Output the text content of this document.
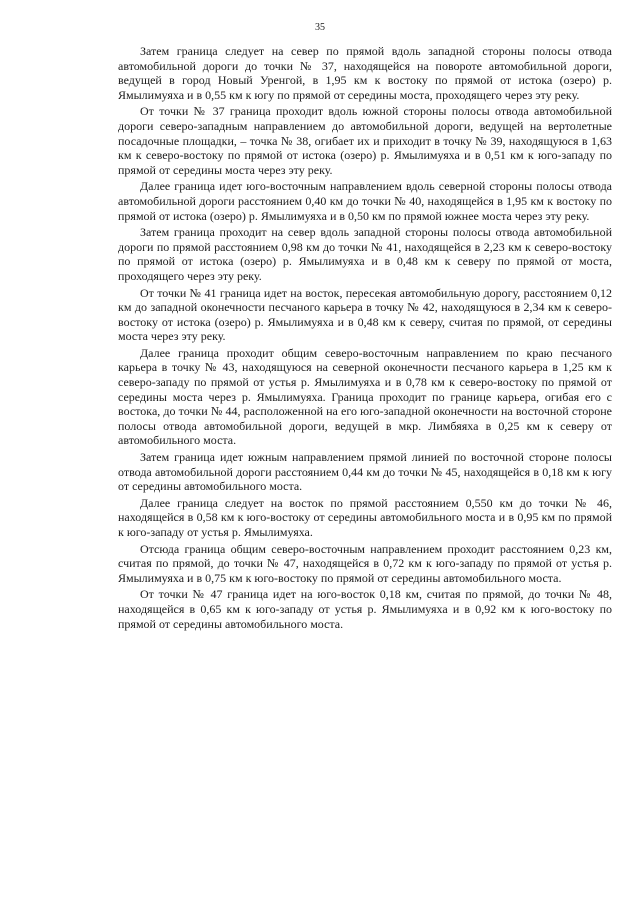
35

Затем граница следует на север по прямой вдоль западной стороны полосы отвода автомобильной дороги до точки № 37, находящейся на повороте автомобильной дороги, ведущей в город Новый Уренгой, в 1,95 км к востоку по прямой от истока (озеро) р. Ямылимуяха и в 0,55 км к югу по прямой от середины моста, проходящего через эту реку.

От точки № 37 граница проходит вдоль южной стороны полосы отвода автомобильной дороги северо-западным направлением до автомобильной дороги, ведущей на вертолетные посадочные площадки, – точка № 38, огибает их и приходит в точку № 39, находящуюся в 1,63 км к северо-востоку по прямой от истока (озеро) р. Ямылимуяха и в 0,51 км к юго-западу по прямой от середины моста через эту реку.

Далее граница идет юго-восточным направлением вдоль северной стороны полосы отвода автомобильной дороги расстоянием 0,40 км до точки № 40, находящейся в 1,95 км к востоку по прямой от истока (озеро) р. Ямылимуяха и в 0,50 км по прямой южнее моста через эту реку.

Затем граница проходит на север вдоль западной стороны полосы отвода автомобильной дороги по прямой расстоянием 0,98 км до точки № 41, находящейся в 2,23 км к северо-востоку по прямой от истока (озеро) р. Ямылимуяха и в 0,48 км к северу по прямой от моста, проходящего через эту реку.

От точки № 41 граница идет на восток, пересекая автомобильную дорогу, расстоянием 0,12 км до западной оконечности песчаного карьера в точку № 42, находящуюся в 2,34 км к северо-востоку от истока (озеро) р. Ямылимуяха и в 0,48 км к северу, считая по прямой, от середины моста через эту реку.

Далее граница проходит общим северо-восточным направлением по краю песчаного карьера в точку № 43, находящуюся на северной оконечности песчаного карьера в 1,25 км к северо-западу по прямой от устья р. Ямылимуяха и в 0,78 км к северо-востоку по прямой от середины моста через р. Ямылимуяха. Граница проходит по границе карьера, огибая его с востока, до точки № 44, расположенной на его юго-западной оконечности на восточной стороне полосы отвода автомобильной дороги, ведущей в мкр. Лимбяяха в 0,25 км к северу от автомобильного моста.

Затем граница идет южным направлением прямой линией по восточной стороне полосы отвода автомобильной дороги расстоянием 0,44 км до точки № 45, находящейся в 0,18 км к югу от середины автомобильного моста.

Далее граница следует на восток по прямой расстоянием 0,550 км до точки № 46, находящейся в 0,58 км к юго-востоку от середины автомобильного моста и в 0,95 км по прямой к юго-западу от устья р. Ямылимуяха.

Отсюда граница общим северо-восточным направлением проходит расстоянием 0,23 км, считая по прямой, до точки № 47, находящейся в 0,72 км к юго-западу по прямой от устья р. Ямылимуяха и в 0,75 км к юго-востоку по прямой от середины автомобильного моста.

От точки № 47 граница идет на юго-восток 0,18 км, считая по прямой, до точки № 48, находящейся в 0,65 км к юго-западу от устья р. Ямылимуяха и в 0,92 км к юго-востоку по прямой от середины автомобильного моста.
